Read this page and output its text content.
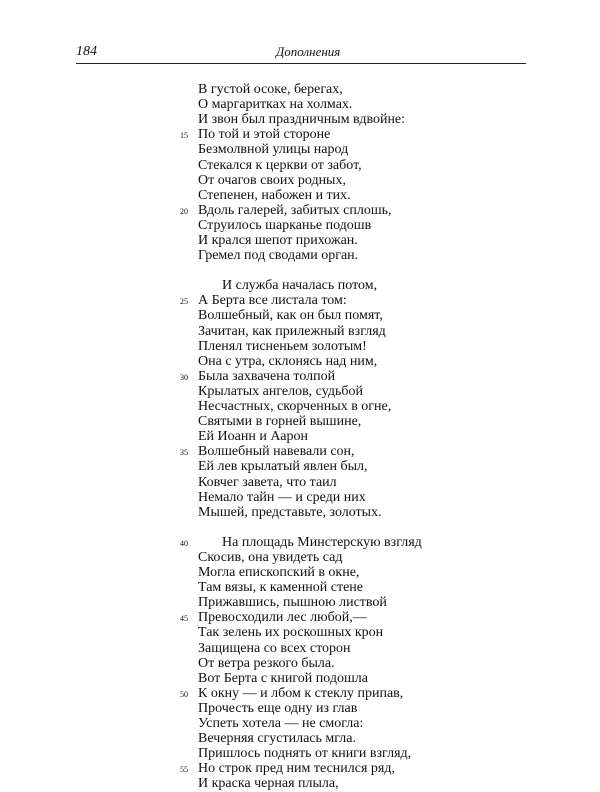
184	Дополнения
В густой осоке, берегах,
О маргаритках на холмах.
И звон был праздничным вдвойне:
По той и этой стороне
Безмолвной улицы народ
Стекался к церкви от забот,
От очагов своих родных,
Степенен, набожен и тих.
Вдоль галерей, забитых сплошь,
Струилось шарканье подошв
И крался шепот прихожан.
Гремел под сводами орган.
И служба началась потом,
А Берта все листала том:
Волшебный, как он был помят,
Зачитан, как прилежный взгляд
Пленял тисненьем золотым!
Она с утра, склонясь над ним,
Была захвачена толпой
Крылатых ангелов, судьбой
Несчастных, скорченных в огне,
Святыми в горней вышине,
Ей Иоанн и Аарон
Волшебный навевали сон,
Ей лев крылатый явлен был,
Ковчег завета, что таил
Немало тайн — и среди них
Мышей, представьте, золотых.
На площадь Минстерскую взгляд
Скосив, она увидеть сад
Могла епископский в окне,
Там вязы, к каменной стене
Прижавшись, пышною листвой
Превосходили лес любой,—
Так зелень их роскошных крон
Защищена со всех сторон
От ветра резкого была.
Вот Берта с книгой подошла
К окну — и лбом к стеклу припав,
Прочесть еще одну из глав
Успеть хотела — не смогла:
Вечерняя сгустилась мгла.
Пришлось поднять от книги взгляд,
Но строк пред ним теснился ряд,
И краска черная плыла,
15
20
25
30
35
40
45
50
55
